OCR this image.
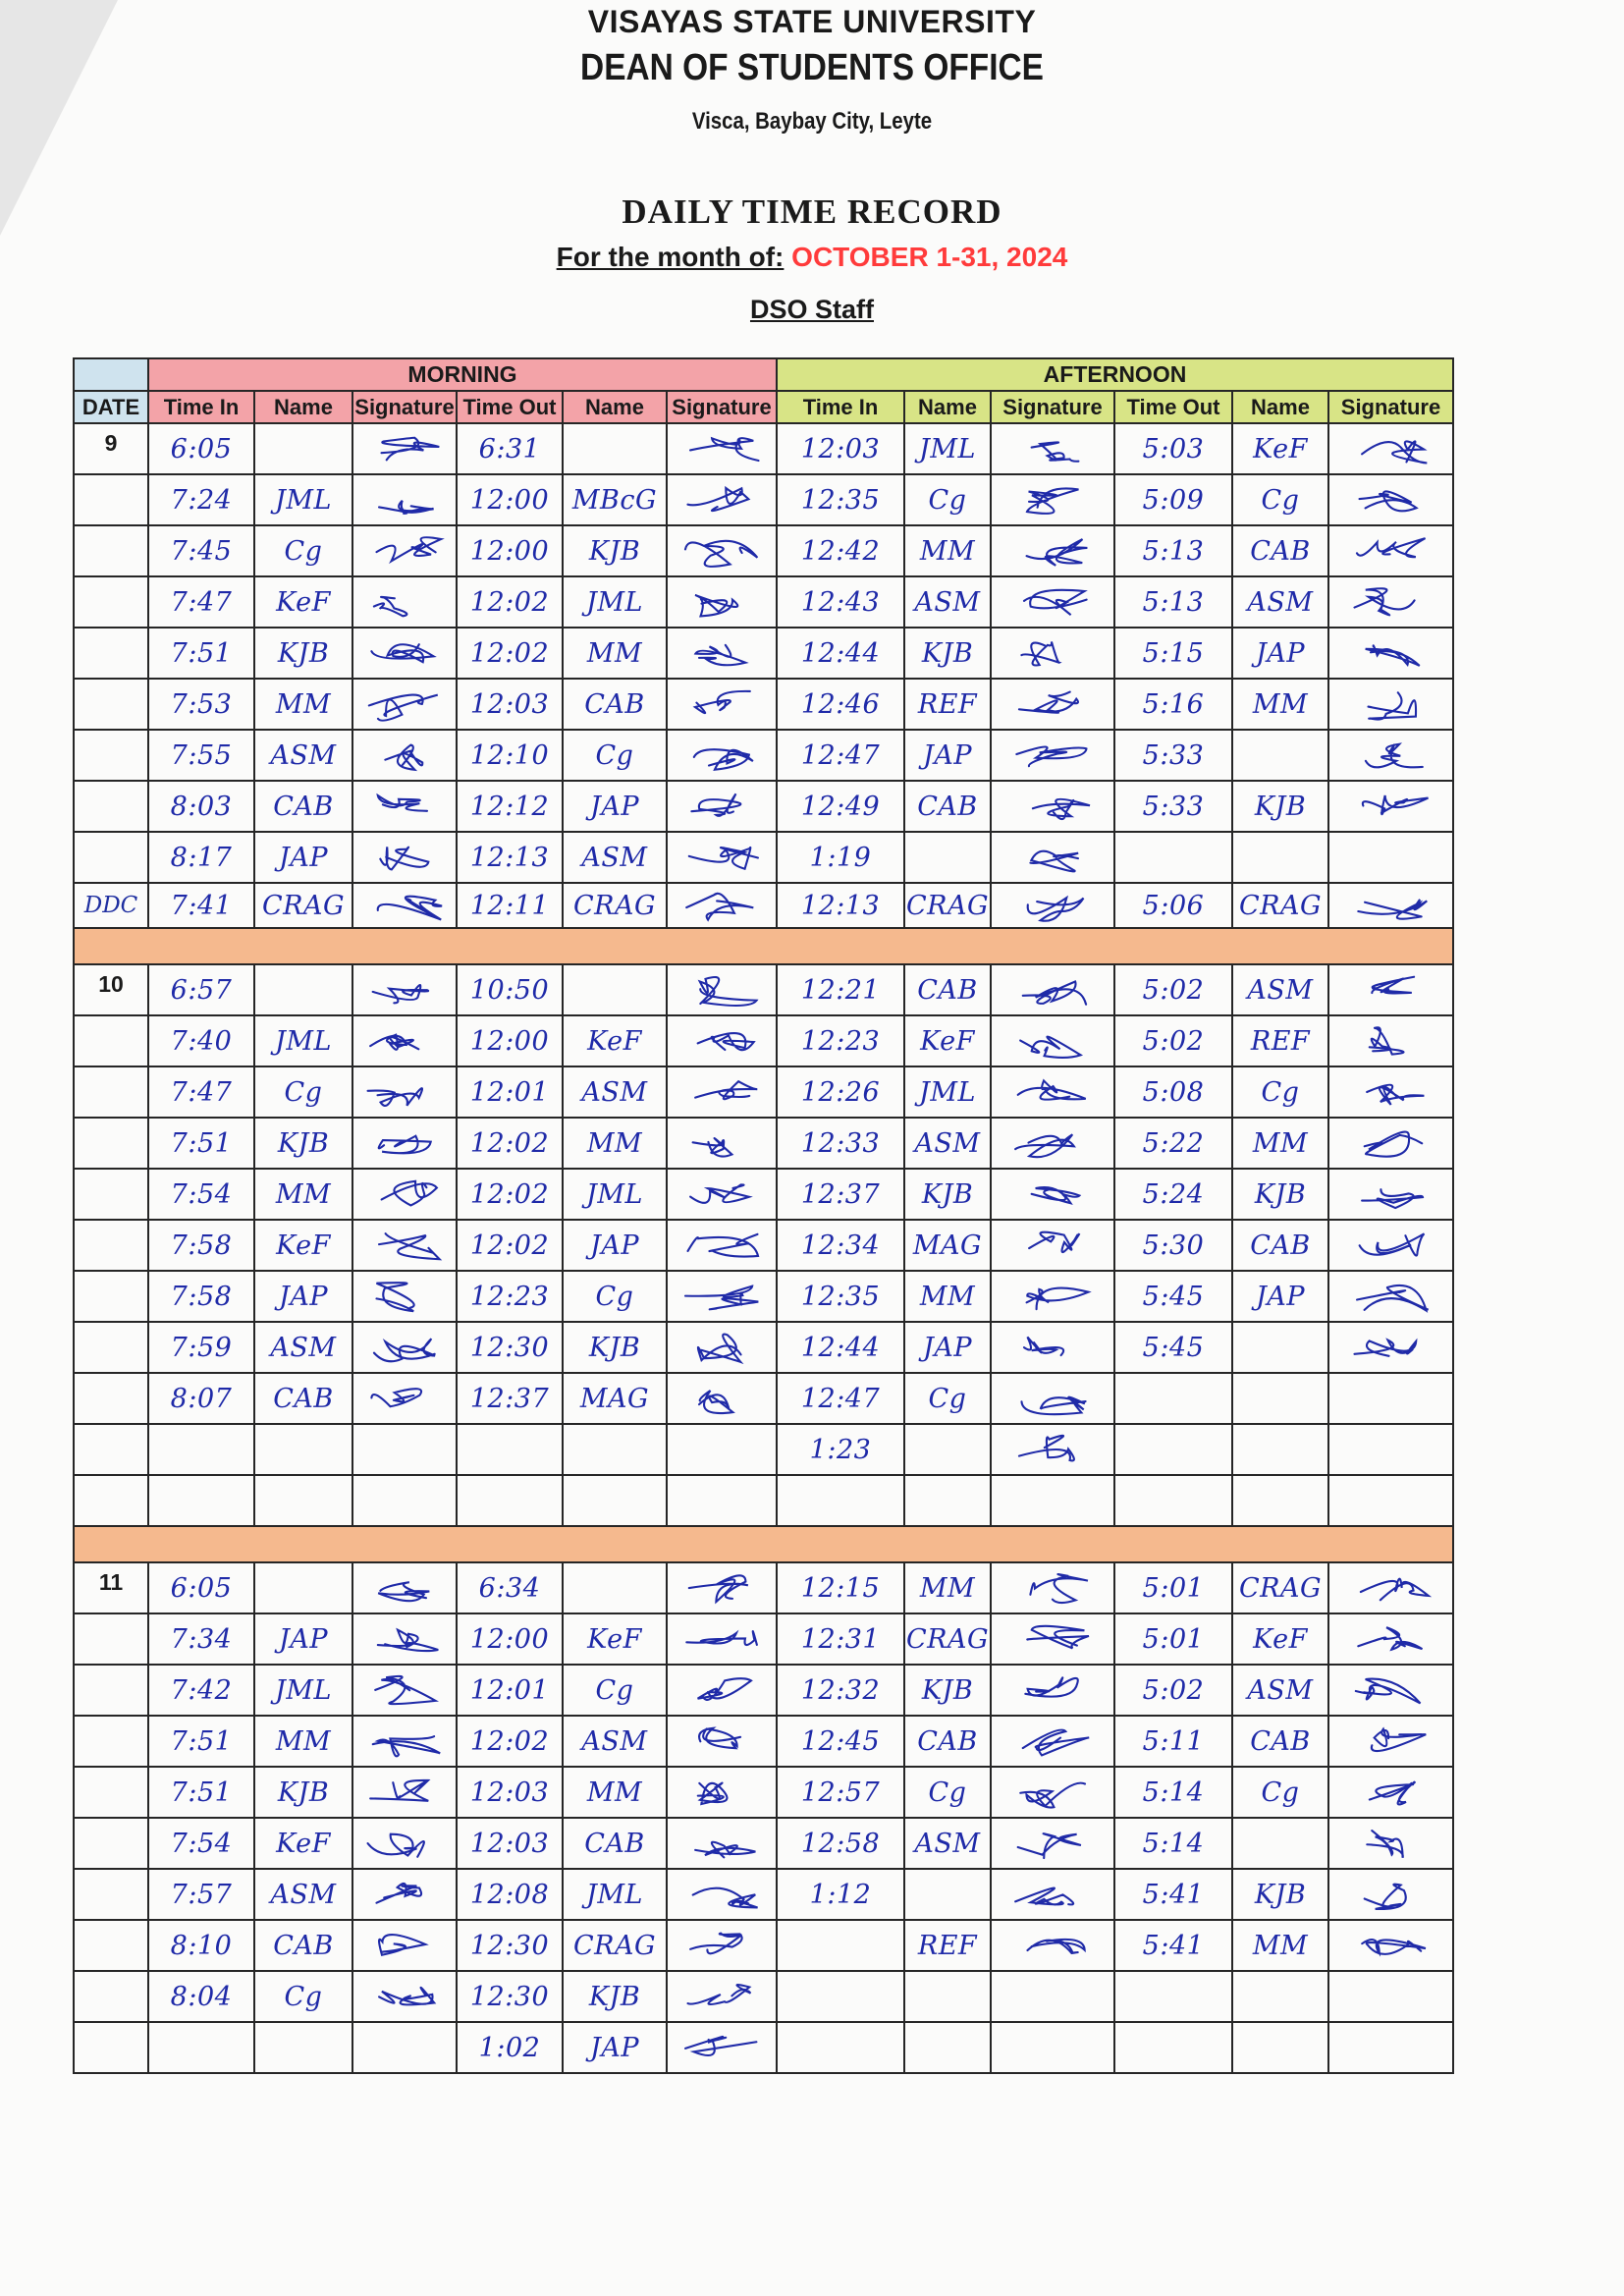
VISAYAS STATE UNIVERSITY
DEAN OF STUDENTS OFFICE
Visca, Baybay City, Leyte
DAILY TIME RECORD
For the month of: OCTOBER 1-31, 2024
DSO Staff
	MORNING						AFTERNOON					
DATE	Time In	Name	Signature	Time Out	Name	Signature	Time In	Name	Signature	Time Out	Name	Signature
9	6:05			6:31			12:03	JML		5:03	KeF	

	7:24	JML		12:00	MBcG		12:35	Cg		5:09	Cg	

	7:45	Cg		12:00	KJB		12:42	MM		5:13	CAB	

	7:47	KeF		12:02	JML		12:43	ASM		5:13	ASM	

	7:51	KJB		12:02	MM		12:44	KJB		5:15	JAP	

	7:53	MM		12:03	CAB		12:46	REF		5:16	MM	

	7:55	ASM		12:10	Cg		12:47	JAP		5:33		

	8:03	CAB		12:12	JAP		12:49	CAB		5:33	KJB	

	8:17	JAP		12:13	ASM		1:19		

DDC	7:41	CRAG		12:11	CRAG		12:13	CRAG		5:06	CRAG	

10	6:57			10:50			12:21	CAB		5:02	ASM	

	7:40	JML		12:00	KeF		12:23	KeF		5:02	REF	

	7:47	Cg		12:01	ASM		12:26	JML		5:08	Cg	

	7:51	KJB		12:02	MM		12:33	ASM		5:22	MM	

	7:54	MM		12:02	JML		12:37	KJB		5:24	KJB	

	7:58	KeF		12:02	JAP		12:34	MAG		5:30	CAB	

	7:58	JAP		12:23	Cg		12:35	MM		5:45	JAP	

	7:59	ASM		12:30	KJB		12:44	JAP		5:45		

	8:07	CAB		12:37	MAG		12:47	Cg	

							1:23		

11	6:05			6:34			12:15	MM		5:01	CRAG	

	7:34	JAP		12:00	KeF		12:31	CRAG		5:01	KeF	

	7:42	JML		12:01	Cg		12:32	KJB		5:02	ASM	

	7:51	MM		12:02	ASM		12:45	CAB		5:11	CAB	

	7:51	KJB		12:03	MM		12:57	Cg		5:14	Cg	

	7:54	KeF		12:03	CAB		12:58	ASM		5:14		

	7:57	ASM		12:08	JML		1:12			5:41	KJB	

	8:10	CAB		12:30	CRAG			REF		5:41	MM	

	8:04	Cg		12:30	KJB	

				1:02	JAP	
